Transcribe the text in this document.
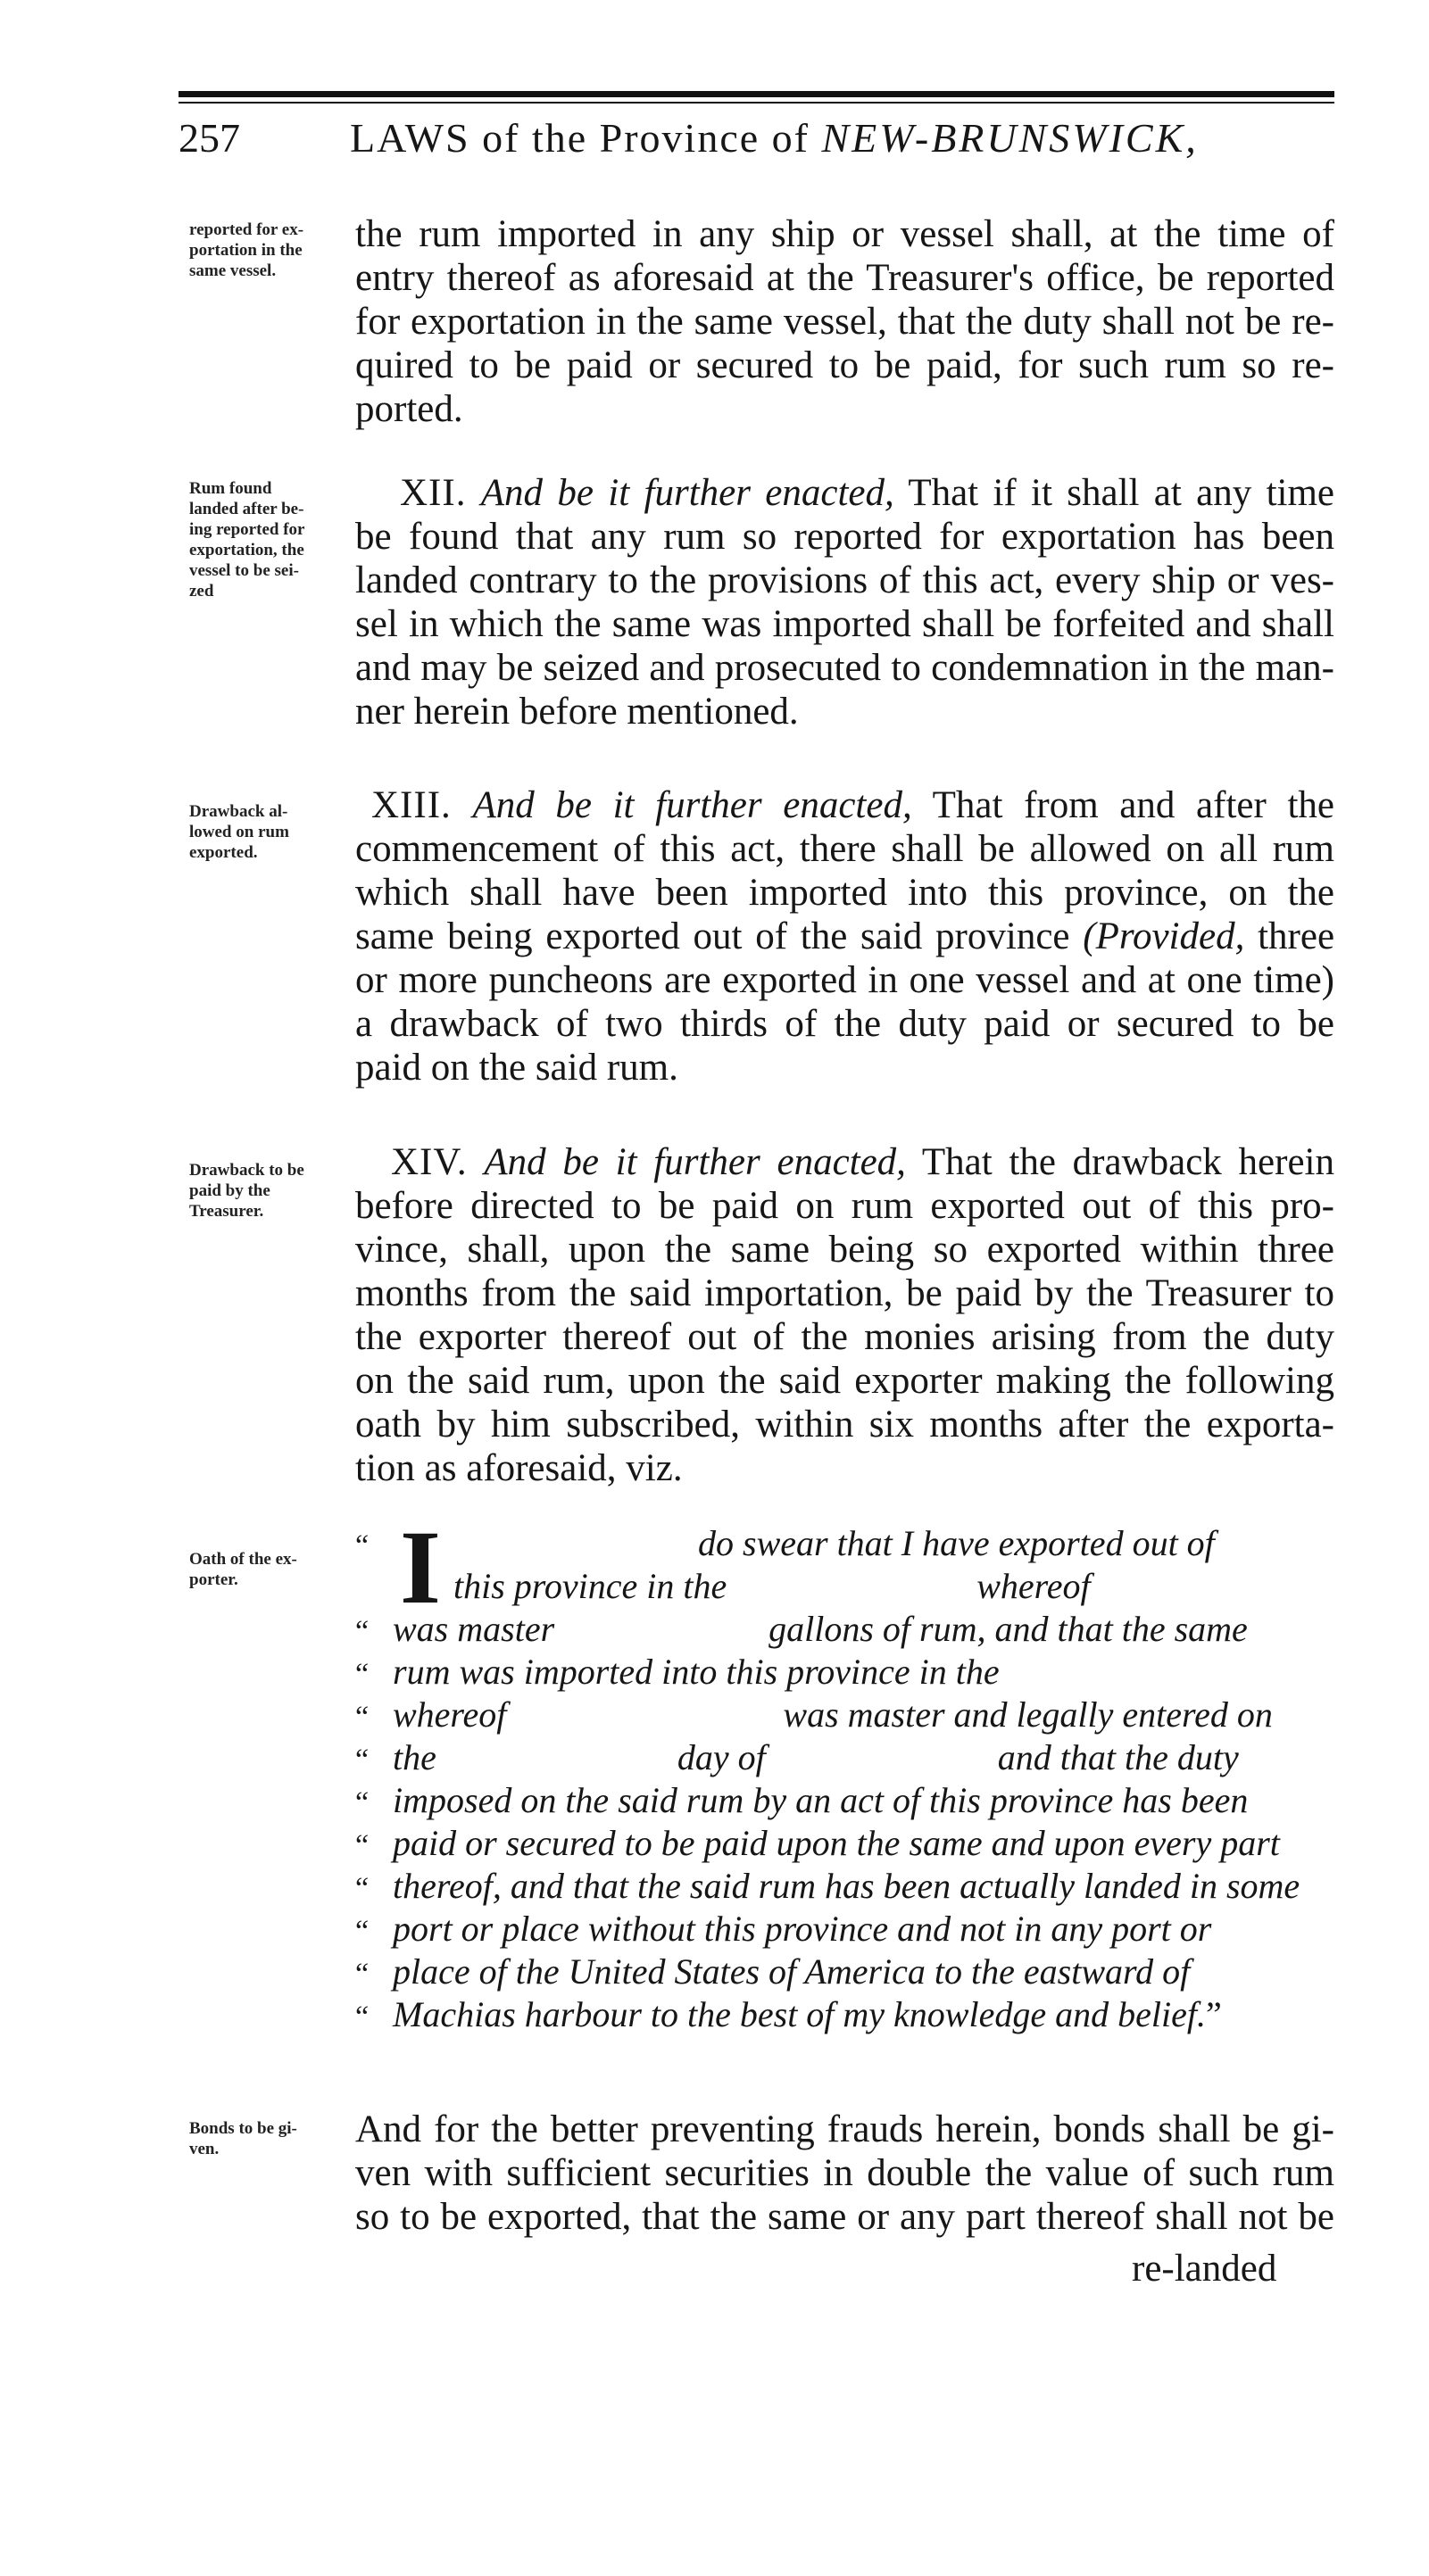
257	LAWS of the Province of NEW-BRUNSWICK,
reported for ex-
portation in the
same vessel.
Rum found
landed after be-
ing reported for
exportation, the
vessel to be sei-
zed
Drawback al-
lowed on rum
exported.
Drawback to be
paid by the
Treasurer.
Oath of the ex-
porter.
Bonds to be gi-
ven.
the rum imported in any ship or vessel shall, at the time of
entry thereof as aforesaid at the Treasurer's office, be reported
for exportation in the same vessel, that the duty shall not be re-
quired to be paid or secured to be paid, for such rum so re-
ported.
XII. And be it further enacted, That if it shall at any time
be found that any rum so reported for exportation has been
landed contrary to the provisions of this act, every ship or ves-
sel in which the same was imported shall be forfeited and shall
and may be seized and prosecuted to condemnation in the man-
ner herein before mentioned.
XIII. And be it further enacted, That from and after the
commencement of this act, there shall be allowed on all rum
which shall have been imported into this province, on the
same being exported out of the said province (Provided, three
or more puncheons are exported in one vessel and at one time)
a drawback of two thirds of the duty paid or secured to be
paid on the said rum.
XIV. And be it further enacted, That the drawback herein
before directed to be paid on rum exported out of this pro-
vince, shall, upon the same being so exported within three
months from the said importation, be paid by the Treasurer to
the exporter thereof out of the monies arising from the duty
on the said rum, upon the said exporter making the following
oath by him subscribed, within six months after the exporta-
tion as aforesaid, viz.
I
“	do swear that I have exported out of
this province in the	whereof
“ was master	gallons of rum, and that the same
“ rum was imported into this province in the
“ whereof	was master and legally entered on
“ the	day of	and that the duty
“ imposed on the said rum by an act of this province has been
“ paid or secured to be paid upon the same and upon every part
“ thereof, and that the said rum has been actually landed in some
“ port or place without this province and not in any port or
“ place of the United States of America to the eastward of
“ Machias harbour to the best of my knowledge and belief.”
And for the better preventing frauds herein, bonds shall be gi-
ven with sufficient securities in double the value of such rum
so to be exported, that the same or any part thereof shall not be
re-landed
